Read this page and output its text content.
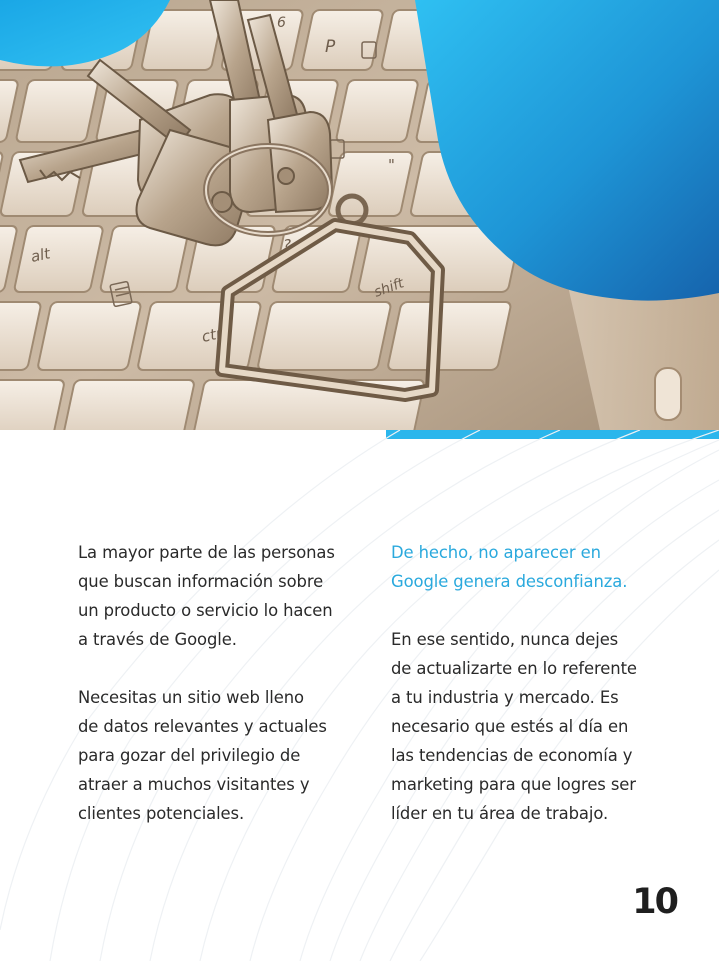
alt
ctrl
shift
P
6
?
"

La mayor parte de las personas
que buscan información sobre
un producto o servicio lo hacen
a través de Google.

Necesitas un sitio web lleno
de datos relevantes y actuales
para gozar del privilegio de
atraer a muchos visitantes y
clientes potenciales.

De hecho, no aparecer en
Google genera desconfianza.

En ese sentido, nunca dejes
de actualizarte en lo referente
a tu industria y mercado. Es
necesario que estés al día en
las tendencias de economía y
marketing para que logres ser
líder en tu área de trabajo.

10
